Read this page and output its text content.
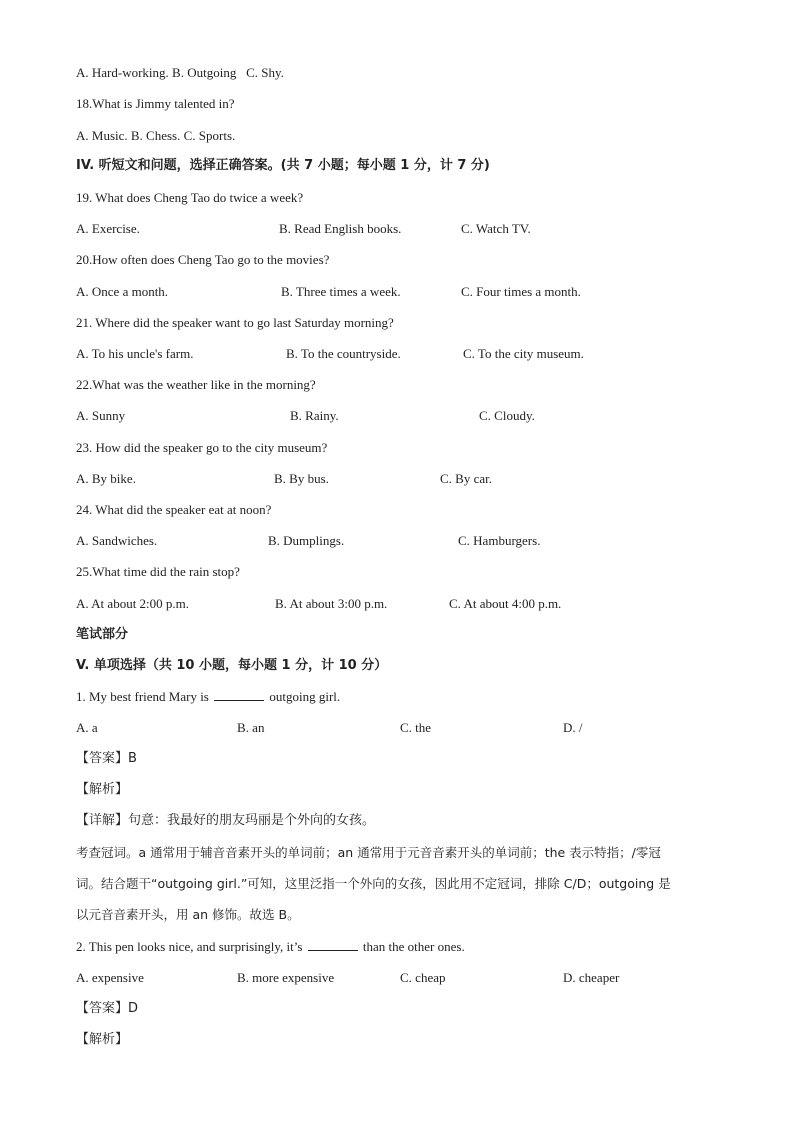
A. Hard-working. B. Outgoing C. Shy.
18.What is Jimmy talented in?
A. Music. B. Chess. C. Sports.
IV. 听短文和问题，选择正确答案。(共 7 小题；每小题 1 分，计 7 分)
19. What does Cheng Tao do twice a week?
A. Exercise.	B. Read English books.	C. Watch TV.
20.How often does Cheng Tao go to the movies?
A. Once a month.	B. Three times a week.	C. Four times a month.
21. Where did the speaker want to go last Saturday morning?
A. To his uncle's farm.	B. To the countryside.	C. To the city museum.
22.What was the weather like in the morning?
A. Sunny	B. Rainy.	C. Cloudy.
23. How did the speaker go to the city museum?
A. By bike.	B. By bus.	C. By car.
24. What did the speaker eat at noon?
A. Sandwiches.	B. Dumplings.	C. Hamburgers.
25.What time did the rain stop?
A. At about 2:00 p.m.	B. At about 3:00 p.m.	C. At about 4:00 p.m.
笔试部分
V. 单项选择（共 10 小题，每小题 1 分，计 10 分）
1. My best friend Mary is	outgoing girl.
A. a	B. an	C. the	D. /
【答案】B
【解析】
【详解】句意：我最好的朋友玛丽是个外向的女孩。
考查冠词。a 通常用于辅音音素开头的单词前；an 通常用于元音音素开头的单词前；the 表示特指；/零冠
词。结合题干“outgoing girl.”可知，这里泛指一个外向的女孩，因此用不定冠词，排除 C/D；outgoing 是
以元音音素开头，用 an 修饰。故选 B。
2. This pen looks nice, and surprisingly, it’s	than the other ones.
A. expensive	B. more expensive	C. cheap	D. cheaper
【答案】D
【解析】
